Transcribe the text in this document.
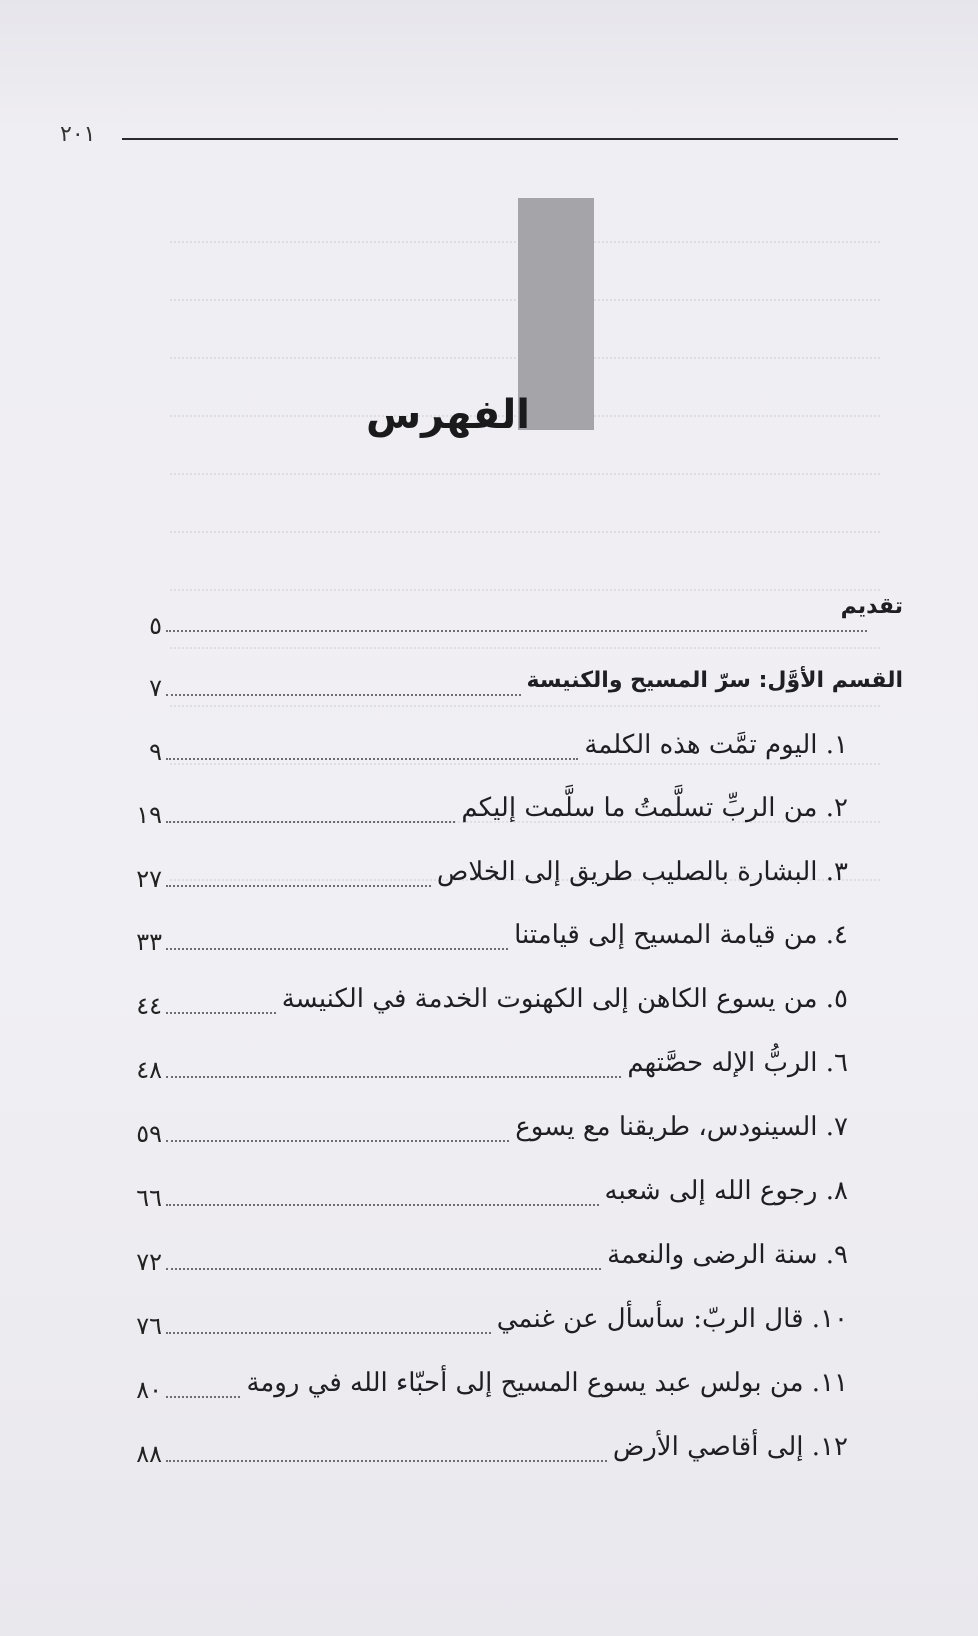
٢٠١
الفهرس
تقديم
٥
القسم الأوَّل: سرّ المسيح والكنيسة
٧
١. اليوم تمَّت هذه الكلمة
٩
٢. من الربِّ تسلَّمتُ ما سلَّمت إليكم
١٩
٣. البشارة بالصليب طريق إلى الخلاص
٢٧
٤. من قيامة المسيح إلى قيامتنا
٣٣
٥. من يسوع الكاهن إلى الكهنوت الخدمة في الكنيسة
٤٤
٦. الربُّ الإله حصَّتهم
٤٨
٧. السينودس، طريقنا مع يسوع
٥٩
٨. رجوع الله إلى شعبه
٦٦
٩. سنة الرضى والنعمة
٧٢
١٠. قال الربّ: سأسأل عن غنمي
٧٦
١١. من بولس عبد يسوع المسيح إلى أحبّاء الله في رومة
٨٠
١٢. إلى أقاصي الأرض
٨٨
